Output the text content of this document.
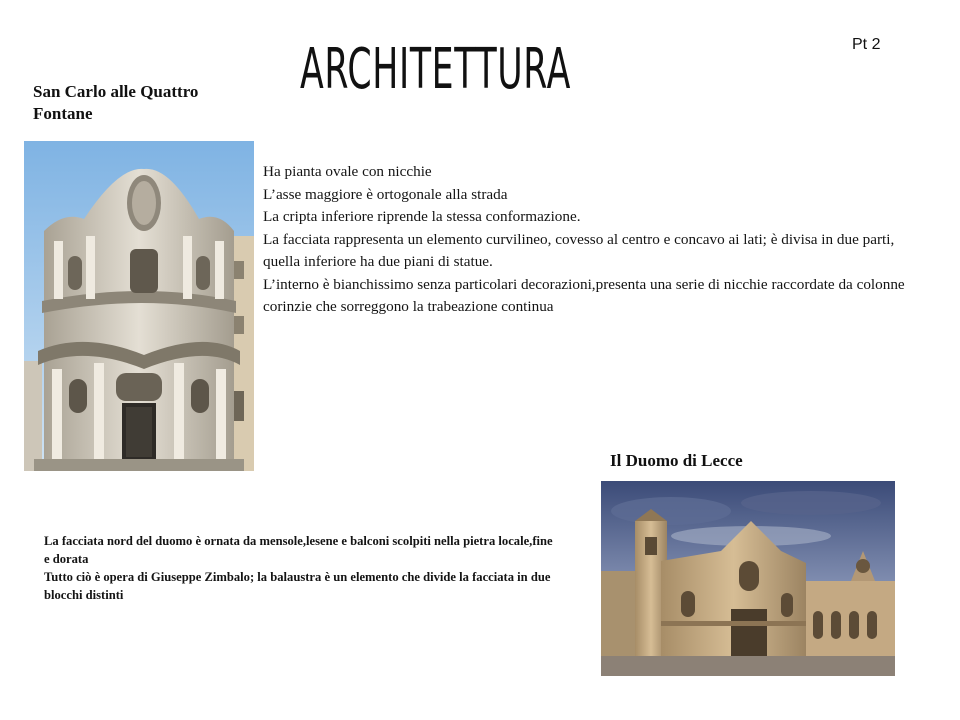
ARCHITETTURA	Pt 2
San Carlo alle Quattro Fontane

Ha pianta ovale con nicchie
L’asse maggiore è ortogonale alla strada
La cripta inferiore riprende la stessa conformazione.
La facciata rappresenta un elemento curvilineo, covesso al centro e concavo ai lati; è divisa in due parti, quella inferiore ha due piani di statue.
L’interno è bianchissimo senza particolari decorazioni,presenta una serie di nicchie raccordate da colonne corinzie che sorreggono la trabeazione continua

Il Duomo di Lecce

La facciata nord del duomo è ornata da mensole,lesene e balconi scolpiti nella pietra locale,fine e dorata
Tutto ciò è opera di Giuseppe Zimbalo; la balaustra è un elemento che divide la facciata in due blocchi distinti
